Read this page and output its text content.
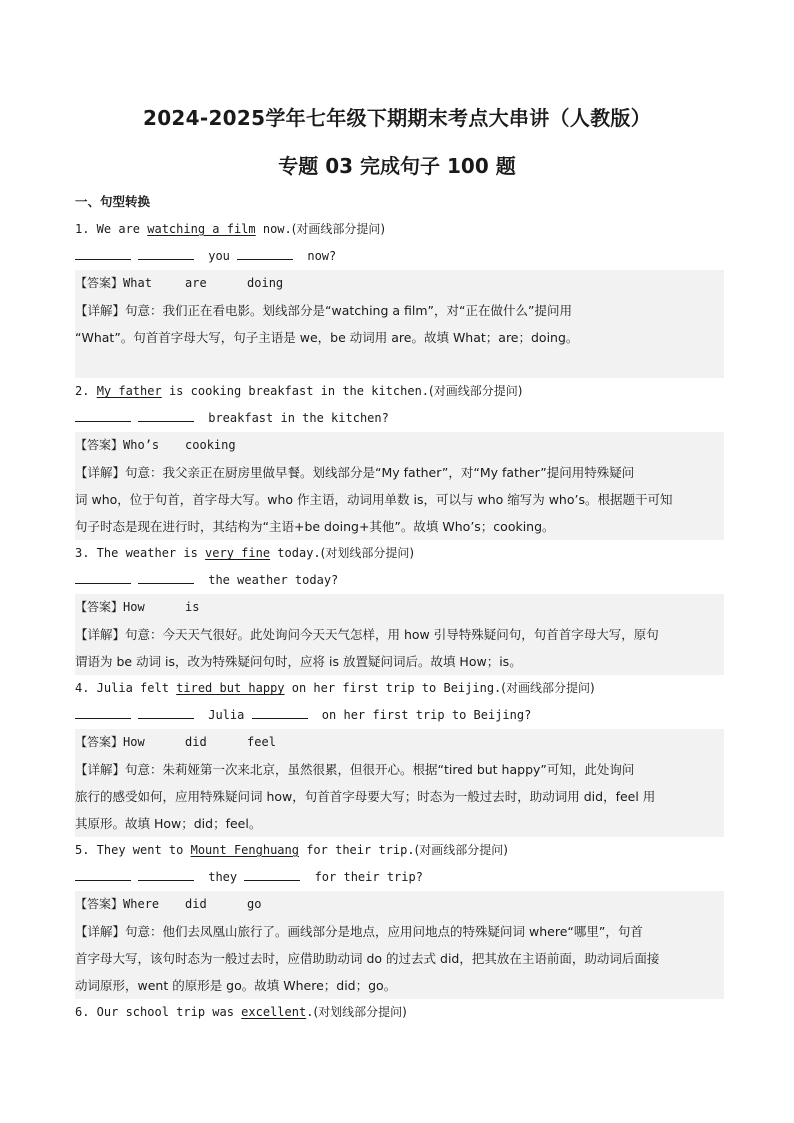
2024-2025学年七年级下期期末考点大串讲（人教版）
专题 03 完成句子 100 题
一、句型转换
1. We are watching a film now.(对画线部分提问)
you	now?
【答案】What	are	doing
【详解】句意：我们正在看电影。划线部分是“watching a film”，对“正在做什么”提问用
“What”。句首首字母大写，句子主语是 we，be 动词用 are。故填 What；are；doing。
2. My father is cooking breakfast in the kitchen.(对画线部分提问)
breakfast in the kitchen?
【答案】Who’s cooking
【详解】句意：我父亲正在厨房里做早餐。划线部分是“My father”，对“My father”提问用特殊疑问
词 who，位于句首，首字母大写。who 作主语，动词用单数 is，可以与 who 缩写为 who’s。根据题干可知
句子时态是现在进行时，其结构为“主语+be doing+其他”。故填 Who’s；cooking。
3. The weather is very fine today.(对划线部分提问)
the weather today?
【答案】How	is
【详解】句意：今天天气很好。此处询问今天天气怎样，用 how 引导特殊疑问句，句首首字母大写，原句
谓语为 be 动词 is，改为特殊疑问句时，应将 is 放置疑问词后。故填 How；is。
4. Julia felt tired but happy on her first trip to Beijing.(对画线部分提问)
Julia	on her first trip to Beijing?
【答案】How	did	feel
【详解】句意：朱莉娅第一次来北京，虽然很累，但很开心。根据“tired but happy”可知，此处询问
旅行的感受如何，应用特殊疑问词 how，句首首字母要大写；时态为一般过去时，助动词用 did，feel 用
其原形。故填 How；did；feel。
5. They went to Mount Fenghuang for their trip.(对画线部分提问)
they	for their trip?
【答案】Where did	go
【详解】句意：他们去凤凰山旅行了。画线部分是地点，应用问地点的特殊疑问词 where“哪里”，句首
首字母大写，该句时态为一般过去时，应借助助动词 do 的过去式 did，把其放在主语前面，助动词后面接
动词原形，went 的原形是 go。故填 Where；did；go。
6. Our school trip was excellent.(对划线部分提问)
